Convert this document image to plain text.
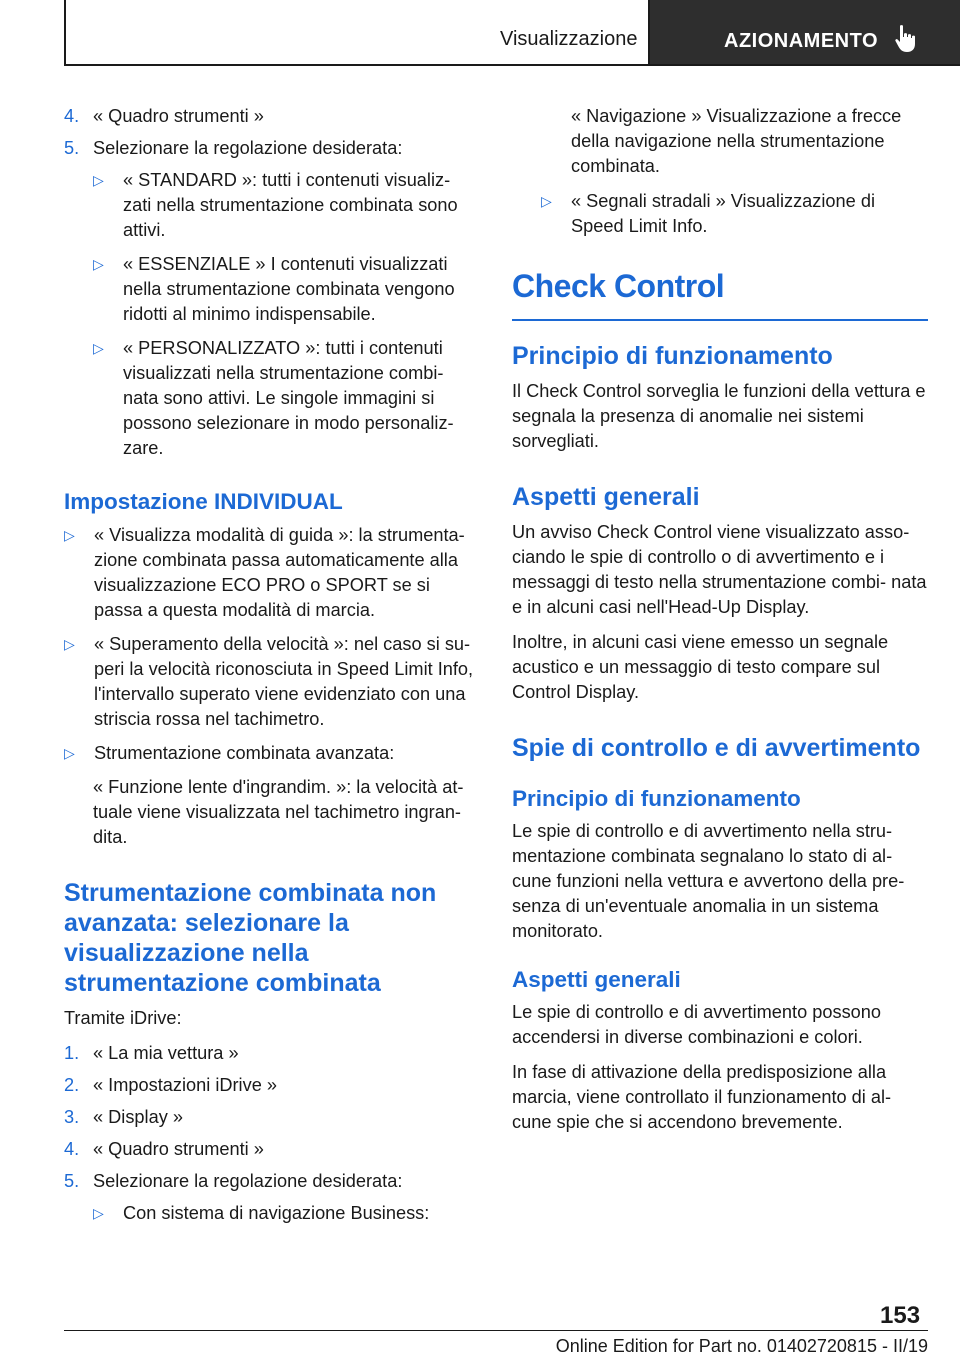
Visualizzazione	AZIONAMENTO
4. « Quadro strumenti »
5. Selezionare la regolazione desiderata:
▷	« STANDARD »: tutti i contenuti visualiz‐ zati nella strumentazione combinata sono attivi.
▷	« ESSENZIALE » I contenuti visualizzati nella strumentazione combinata vengono ridotti al minimo indispensabile.
▷	« PERSONALIZZATO »: tutti i contenuti visualizzati nella strumentazione combi‐ nata sono attivi. Le singole immagini si possono selezionare in modo personaliz‐ zare.
Impostazione INDIVIDUAL
▷	« Visualizza modalità di guida »: la strumenta‐ zione combinata passa automaticamente alla visualizzazione ECO PRO o SPORT se si passa a questa modalità di marcia.
▷	« Superamento della velocità »: nel caso si su‐ peri la velocità riconosciuta in Speed Limit Info, l'intervallo superato viene evidenziato con una striscia rossa nel tachimetro.
▷	Strumentazione combinata avanzata:
« Funzione lente d'ingrandim. »: la velocità at‐ tuale viene visualizzata nel tachimetro ingran‐ dita.
Strumentazione combinata non avanzata: selezionare la visualizzazione nella strumentazione combinata
Tramite iDrive:
1. « La mia vettura »
2. « Impostazioni iDrive »
3. « Display »
4. « Quadro strumenti »
5. Selezionare la regolazione desiderata:
▷	Con sistema di navigazione Business:
« Navigazione » Visualizzazione a frecce della navigazione nella strumentazione combinata.
▷	« Segnali stradali » Visualizzazione di Speed Limit Info.
Check Control
Principio di funzionamento
Il Check Control sorveglia le funzioni della vettura e segnala la presenza di anomalie nei sistemi sorvegliati.
Aspetti generali
Un avviso Check Control viene visualizzato asso‐ ciando le spie di controllo o di avvertimento e i messaggi di testo nella strumentazione combi‐ nata e in alcuni casi nell'Head-Up Display.
Inoltre, in alcuni casi viene emesso un segnale acustico e un messaggio di testo compare sul Control Display.
Spie di controllo e di avvertimento
Principio di funzionamento
Le spie di controllo e di avvertimento nella stru‐ mentazione combinata segnalano lo stato di al‐ cune funzioni nella vettura e avvertono della pre‐ senza di un'eventuale anomalia in un sistema monitorato.
Aspetti generali
Le spie di controllo e di avvertimento possono accendersi in diverse combinazioni e colori.
In fase di attivazione della predisposizione alla marcia, viene controllato il funzionamento di al‐ cune spie che si accendono brevemente.
153
Online Edition for Part no. 01402720815 - II/19
